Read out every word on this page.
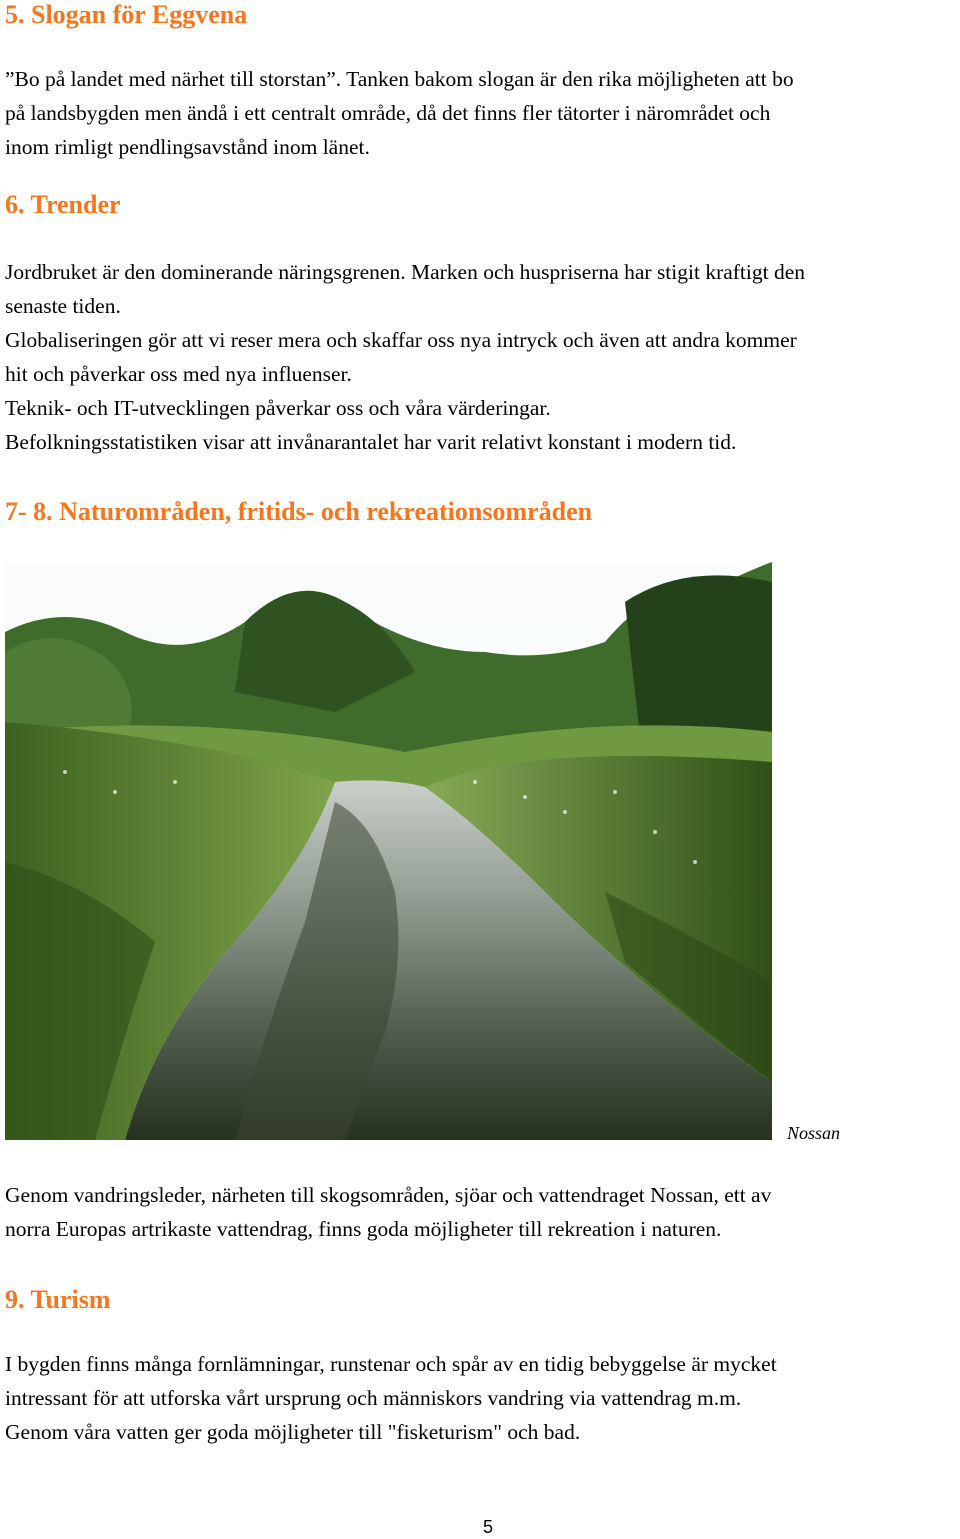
5. Slogan för Eggvena
”Bo på landet med närhet till storstan”. Tanken bakom slogan är den rika möjligheten att bo
på landsbygden men ändå i ett centralt område, då det finns fler tätorter i närområdet och
inom rimligt pendlingsavstånd inom länet.
6. Trender
Jordbruket är den dominerande näringsgrenen. Marken och huspriserna har stigit kraftigt den
senaste tiden.
Globaliseringen gör att vi reser mera och skaffar oss nya intryck och även att andra kommer
hit och påverkar oss med nya influenser.
Teknik- och IT-utvecklingen påverkar oss och våra värderingar.
Befolkningsstatistiken visar att invånarantalet har varit relativt konstant i modern tid.
7- 8. Naturområden, fritids- och rekreationsområden
Nossan
Genom vandringsleder, närheten till skogsområden, sjöar och vattendraget Nossan, ett av
norra Europas artrikaste vattendrag, finns goda möjligheter till rekreation i naturen.
9. Turism
I bygden finns många fornlämningar, runstenar och spår av en tidig bebyggelse är mycket
intressant för att utforska vårt ursprung och människors vandring via vattendrag m.m.
Genom våra vatten ger goda möjligheter till "fisketurism" och bad.
5
